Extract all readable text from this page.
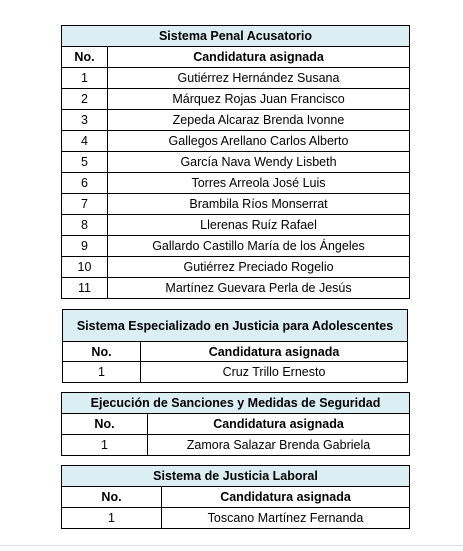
Sistema Penal Acusatorio	
No.	Candidatura asignada
1	Gutiérrez Hernández Susana
2	Márquez Rojas Juan Francisco
3	Zepeda Alcaraz Brenda Ivonne
4	Gallegos Arellano Carlos Alberto
5	García Nava Wendy Lisbeth
6	Torres Arreola José Luis
7	Brambila Ríos Monserrat
8	Llerenas Ruíz Rafael
9	Gallardo Castillo María de los Ángeles
10	Gutiérrez Preciado Rogelio
11	Martínez Guevara Perla de Jesús
Sistema Especializado en Justicia para Adolescentes	
No.	Candidatura asignada
1	Cruz Trillo Ernesto
Ejecución de Sanciones y Medidas de Seguridad	
No.	Candidatura asignada
1	Zamora Salazar Brenda Gabriela
Sistema de Justicia Laboral	
No.	Candidatura asignada
1	Toscano Martínez Fernanda
